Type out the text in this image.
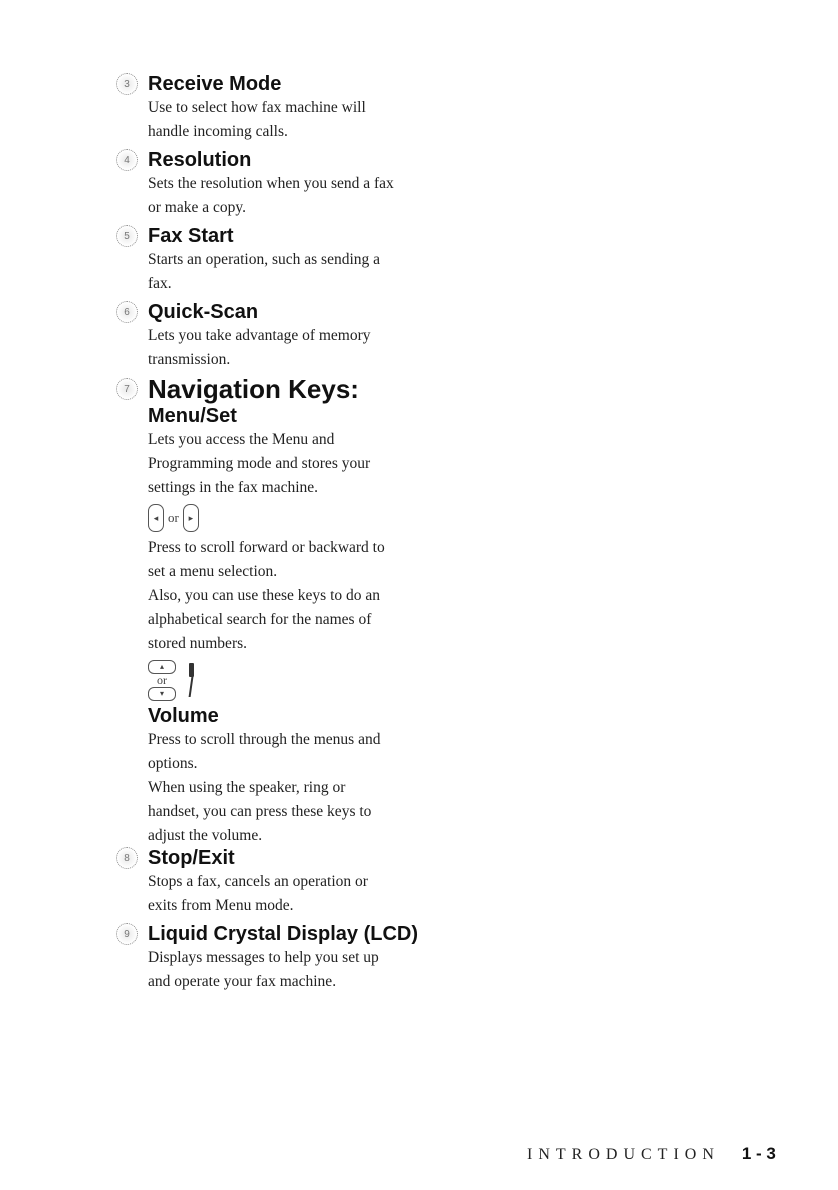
3 Receive Mode
Use to select how fax machine will
handle incoming calls.
4 Resolution
Sets the resolution when you send a fax
or make a copy.
5 Fax Start
Starts an operation, such as sending a
fax.
6 Quick-Scan
Lets you take advantage of memory
transmission.
7 Navigation Keys:
Menu/Set
Lets you access the Menu and
Programming mode and stores your
settings in the fax machine.
◂ or	▸
Press to scroll forward or backward to
set a menu selection.
Also, you can use these keys to do an
alphabetical search for the names of
stored numbers.
▴
or
▾
Volume
Press to scroll through the menus and
options.
When using the speaker, ring or
handset, you can press these keys to
adjust the volume.
8 Stop/Exit
Stops a fax, cancels an operation or
exits from Menu mode.
9 Liquid Crystal Display (LCD)
Displays messages to help you set up
and operate your fax machine.
INTRODUCTION 1 - 3
